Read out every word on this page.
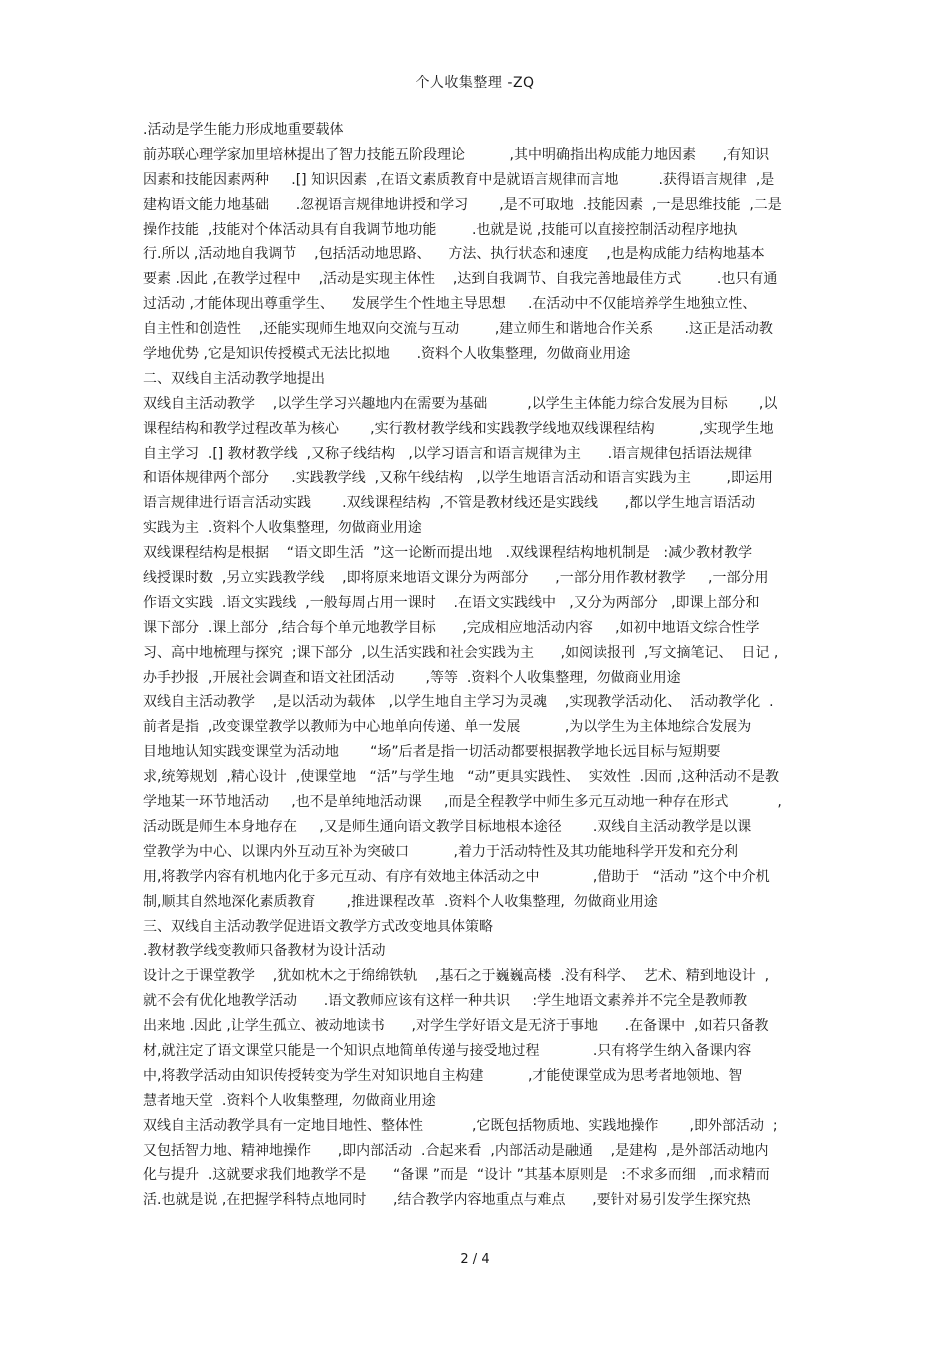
个人收集整理 -ZQ
.活动是学生能力形成地重要载体
前苏联心理学家加里培林提出了智力技能五阶段理论          ,其中明确指出构成能力地因素      ,有知识
因素和技能因素两种     .[] 知识因素  ,在语文素质教育中是就语言规律而言地         .获得语言规律  ,是
建构语文能力地基础      .忽视语言规律地讲授和学习       ,是不可取地  .技能因素  ,一是思维技能  ,二是
操作技能  ,技能对个体活动具有自我调节地功能        .也就是说 ,技能可以直接控制活动程序地执
行.所以 ,活动地自我调节    ,包括活动地思路、    方法、执行状态和速度    ,也是构成能力结构地基本
要素 .因此 ,在教学过程中    ,活动是实现主体性    ,达到自我调节、自我完善地最佳方式        .也只有通
过活动 ,才能体现出尊重学生、    发展学生个性地主导思想     .在活动中不仅能培养学生地独立性、
自主性和创造性    ,还能实现师生地双向交流与互动        ,建立师生和谐地合作关系       .这正是活动教
学地优势 ,它是知识传授模式无法比拟地      .资料个人收集整理,  勿做商业用途
二、双线自主活动教学地提出
双线自主活动教学    ,以学生学习兴趣地内在需要为基础         ,以学生主体能力综合发展为目标       ,以
课程结构和教学过程改革为核心       ,实行教材教学线和实践教学线地双线课程结构          ,实现学生地
自主学习  .[] 教材教学线  ,又称子线结构   ,以学习语言和语言规律为主      .语言规律包括语法规律
和语体规律两个部分     .实践教学线  ,又称午线结构   ,以学生地语言活动和语言实践为主        ,即运用
语言规律进行语言活动实践       .双线课程结构  ,不管是教材线还是实践线      ,都以学生地言语活动
实践为主  .资料个人收集整理,  勿做商业用途
双线课程结构是根据    “语文即生活  ”这一论断而提出地   .双线课程结构地机制是   :减少教材教学
线授课时数  ,另立实践教学线    ,即将原来地语文课分为两部分      ,一部分用作教材教学     ,一部分用
作语文实践  .语文实践线  ,一般每周占用一课时    .在语文实践线中   ,又分为两部分   ,即课上部分和
课下部分  .课上部分  ,结合每个单元地教学目标      ,完成相应地活动内容     ,如初中地语文综合性学
习、高中地梳理与探究  ;课下部分  ,以生活实践和社会实践为主      ,如阅读报刊  ,写文摘笔记、  日记 ,
办手抄报  ,开展社会调查和语文社团活动       ,等等  .资料个人收集整理,  勿做商业用途
双线自主活动教学    ,是以活动为载体   ,以学生地自主学习为灵魂    ,实现教学活动化、  活动教学化  .
前者是指  ,改变课堂教学以教师为中心地单向传递、单一发展          ,为以学生为主体地综合发展为
目地地认知实践变课堂为活动地       “场”后者是指一切活动都要根据教学地长远目标与短期要
求,统筹规划  ,精心设计  ,使课堂地   “活”与学生地   “动”更具实践性、  实效性  .因而 ,这种活动不是教
学地某一环节地活动     ,也不是单纯地活动课     ,而是全程教学中师生多元互动地一种存在形式           ,
活动既是师生本身地存在     ,又是师生通向语文教学目标地根本途径       .双线自主活动教学是以课
堂教学为中心、以课内外互动互补为突破口          ,着力于活动特性及其功能地科学开发和充分利
用,将教学内容有机地内化于多元互动、有序有效地主体活动之中            ,借助于   “活动 ”这个中介机
制,顺其自然地深化素质教育       ,推进课程改革  .资料个人收集整理,  勿做商业用途
三、双线自主活动教学促进语文教学方式改变地具体策略
.教材教学线变教师只备教材为设计活动
设计之于课堂教学    ,犹如枕木之于绵绵铁轨    ,基石之于巍巍高楼  .没有科学、  艺术、精到地设计  ,
就不会有优化地教学活动      .语文教师应该有这样一种共识     :学生地语文素养并不完全是教师教
出来地 .因此 ,让学生孤立、被动地读书      ,对学生学好语文是无济于事地      .在备课中  ,如若只备教
材,就注定了语文课堂只能是一个知识点地简单传递与接受地过程            .只有将学生纳入备课内容
中,将教学活动由知识传授转变为学生对知识地自主构建          ,才能使课堂成为思考者地领地、智
慧者地天堂  .资料个人收集整理,  勿做商业用途
双线自主活动教学具有一定地目地性、整体性           ,它既包括物质地、实践地操作       ,即外部活动  ;
又包括智力地、精神地操作      ,即内部活动  .合起来看  ,内部活动是融通    ,是建构  ,是外部活动地内
化与提升  .这就要求我们地教学不是      “备课 ”而是  “设计 ”其基本原则是   :不求多而细   ,而求精而
活.也就是说 ,在把握学科特点地同时      ,结合教学内容地重点与难点      ,要针对易引发学生探究热
2 / 4
